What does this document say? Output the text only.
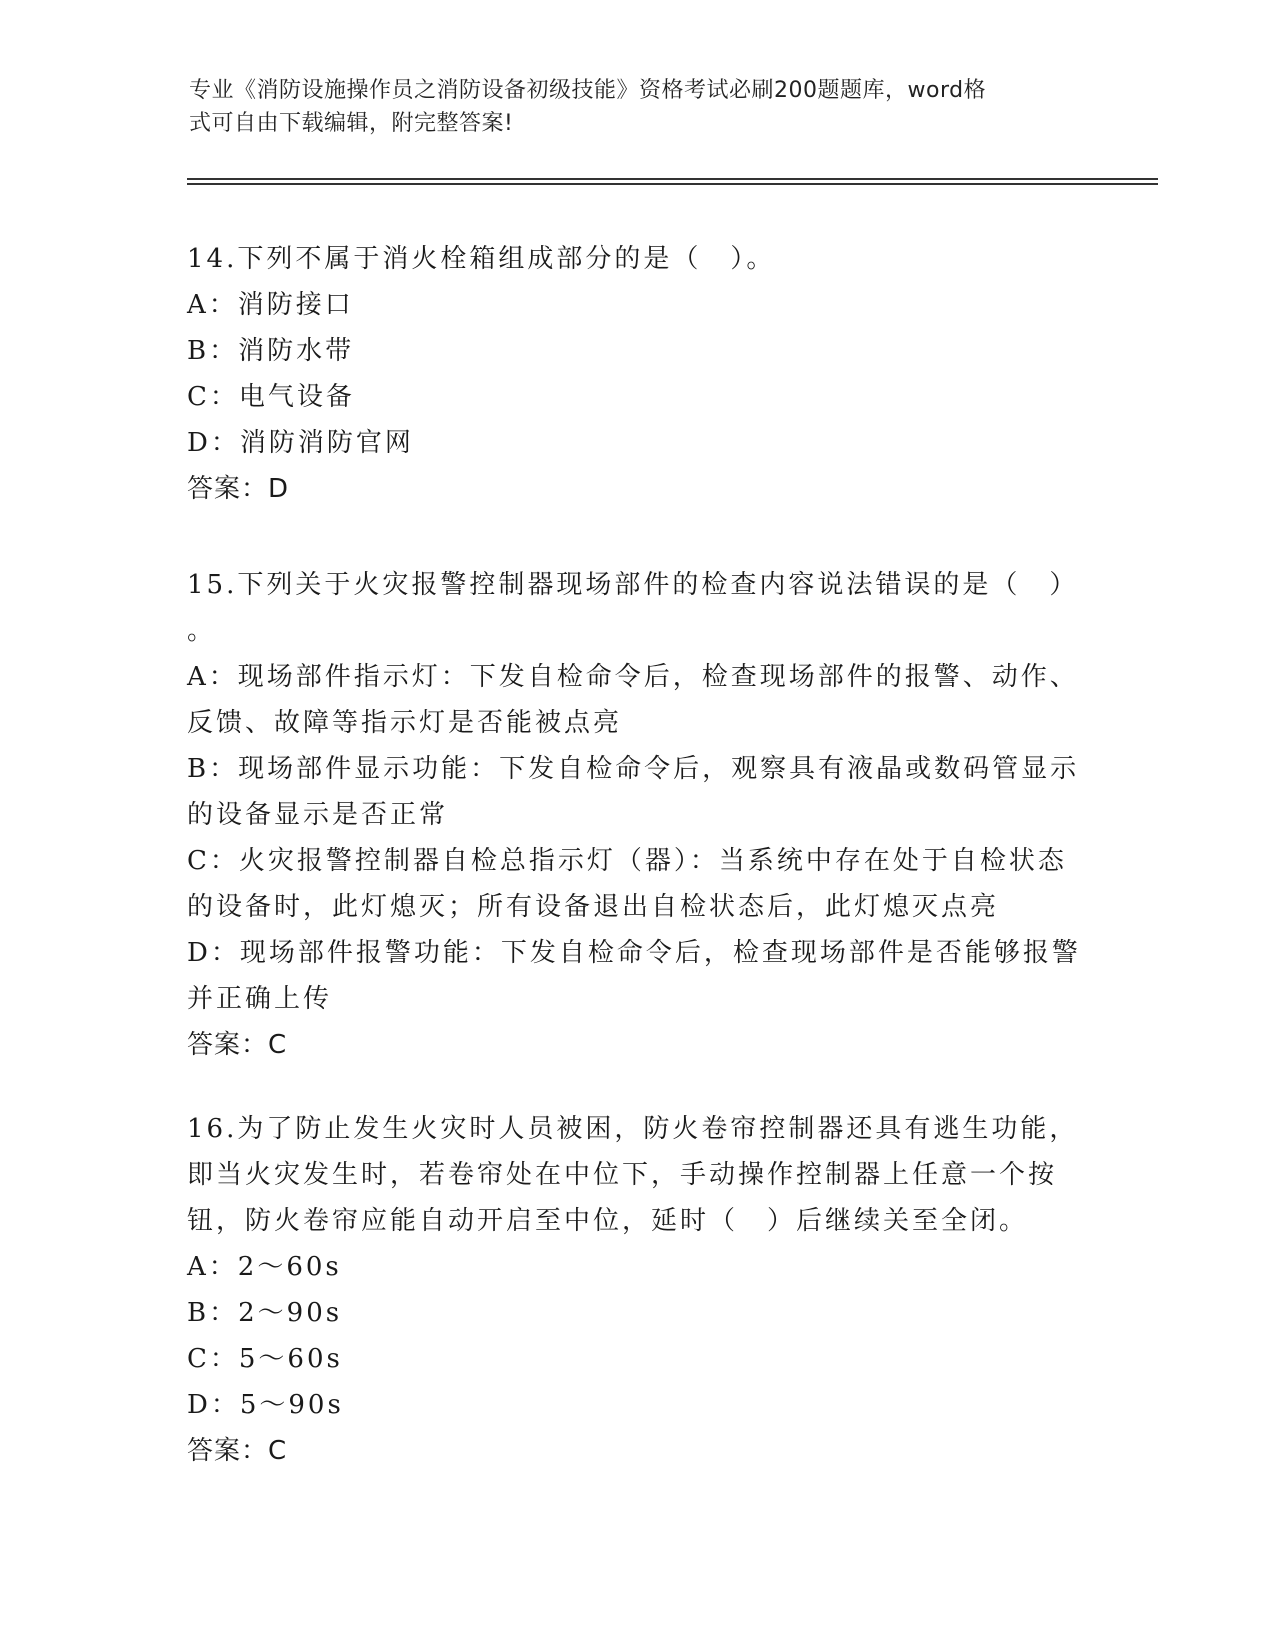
专业《消防设施操作员之消防设备初级技能》资格考试必刷200题题库，word格
式可自由下载编辑，附完整答案!
14.下列不属于消火栓箱组成部分的是（　）。
A：消防接口
B：消防水带
C：电气设备
D：消防消防官网
答案：D
15.下列关于火灾报警控制器现场部件的检查内容说法错误的是（　）
。
A：现场部件指示灯：下发自检命令后，检查现场部件的报警、动作、
反馈、故障等指示灯是否能被点亮
B：现场部件显示功能：下发自检命令后，观察具有液晶或数码管显示
的设备显示是否正常
C：火灾报警控制器自检总指示灯（器）：当系统中存在处于自检状态
的设备时，此灯熄灭；所有设备退出自检状态后，此灯熄灭点亮
D：现场部件报警功能：下发自检命令后，检查现场部件是否能够报警
并正确上传
答案：C
16.为了防止发生火灾时人员被困，防火卷帘控制器还具有逃生功能，
即当火灾发生时，若卷帘处在中位下，手动操作控制器上任意一个按
钮，防火卷帘应能自动开启至中位，延时（　）后继续关至全闭。
A：2～60s
B：2～90s
C：5～60s
D：5～90s
答案：C
